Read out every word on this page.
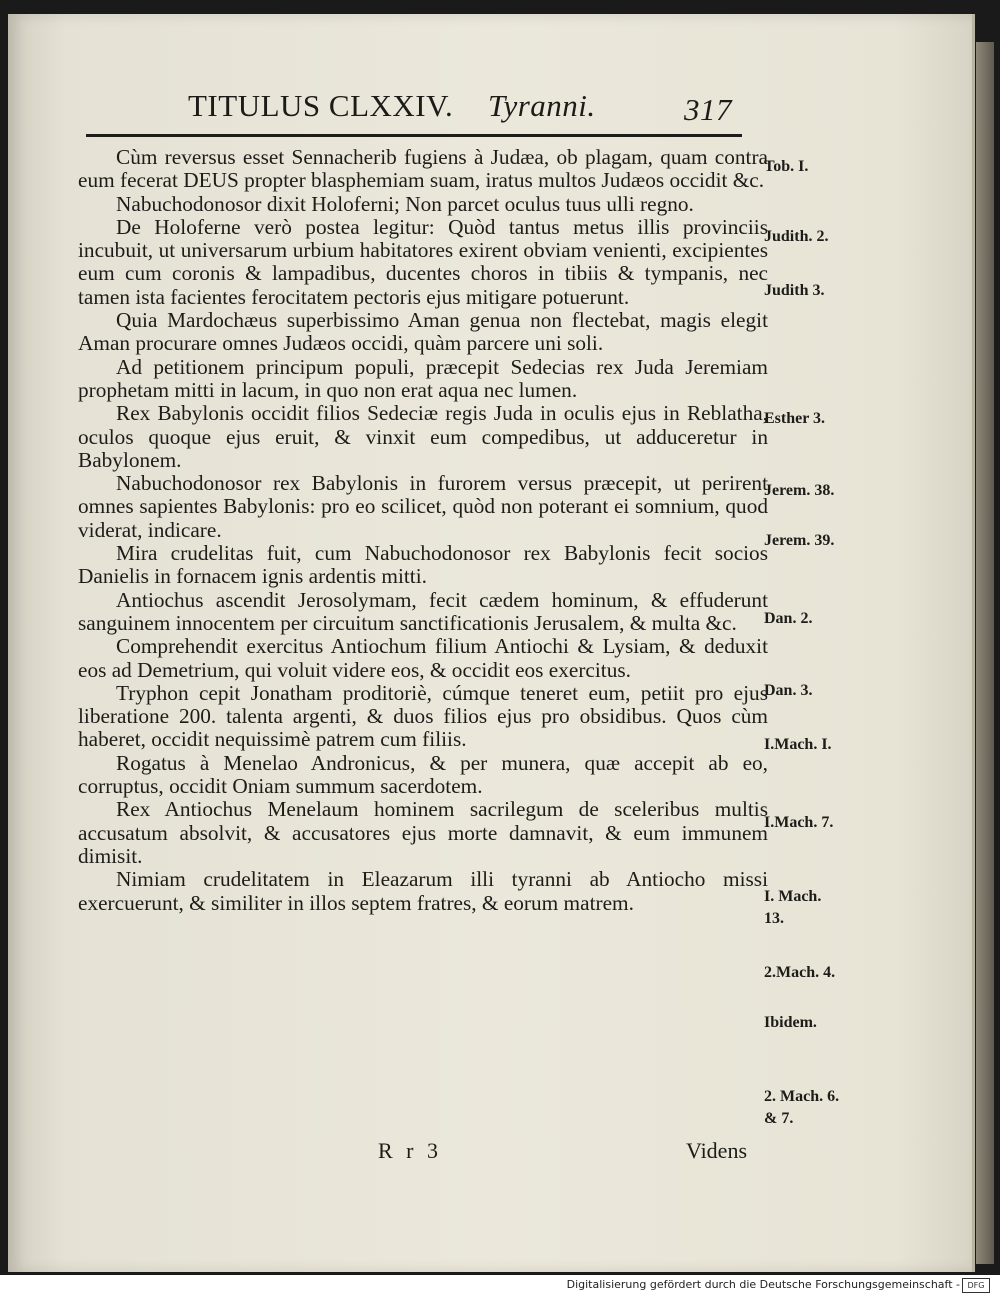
TITULUS CLXXIV. Tyranni.	317

Cùm reversus esset Sennacherib fugiens à Judæa, ob plagam, quam contra eum fecerat DEUS propter blasphemiam suam, iratus multos Judæos occidit &c.

Nabuchodonosor dixit Holoferni; Non parcet oculus tuus ulli regno.

De Holoferne verò postea legitur: Quòd tantus metus illis provinciis incubuit, ut universarum urbium habitatores exirent obviam venienti, excipientes eum cum coronis & lampadibus, ducentes choros in tibiis & tympanis, nec tamen ista facientes ferocitatem pectoris ejus mitigare potuerunt.

Quia Mardochæus superbissimo Aman genua non flectebat, magis elegit Aman procurare omnes Judæos occidi, quàm parcere uni soli.

Ad petitionem principum populi, præcepit Sedecias rex Juda Jeremiam prophetam mitti in lacum, in quo non erat aqua nec lumen.

Rex Babylonis occidit filios Sedeciæ regis Juda in oculis ejus in Reblatha, oculos quoque ejus eruit, & vinxit eum compedibus, ut adduceretur in Babylonem.

Nabuchodonosor rex Babylonis in furorem versus præcepit, ut perirent omnes sapientes Babylonis: pro eo scilicet, quòd non poterant ei somnium, quod viderat, indicare.

Mira crudelitas fuit, cum Nabuchodonosor rex Babylonis fecit socios Danielis in fornacem ignis ardentis mitti.

Antiochus ascendit Jerosolymam, fecit cædem hominum, & effuderunt sanguinem innocentem per circuitum sanctificationis Jerusalem, & multa &c.

Comprehendit exercitus Antiochum filium Antiochi & Lysiam, & deduxit eos ad Demetrium, qui voluit videre eos, & occidit eos exercitus.

Tryphon cepit Jonatham proditoriè, cúmque teneret eum, petiit pro ejus liberatione 200. talenta argenti, & duos filios ejus pro obsidibus. Quos cùm haberet, occidit nequissimè patrem cum filiis.

Rogatus à Menelao Andronicus, & per munera, quæ accepit ab eo, corruptus, occidit Oniam summum sacerdotem.

Rex Antiochus Menelaum hominem sacrilegum de sceleribus multis accusatum absolvit, & accusatores ejus morte damnavit, & eum immunem dimisit.

Nimiam crudelitatem in Eleazarum illi tyranni ab Antiocho missi exercuerunt, & similiter in illos septem fratres, & eorum matrem.

Tob. I.
Judith. 2.
Judith 3.
Esther 3.
Jerem. 38.
Jerem. 39.
Dan. 2.
Dan. 3.
I.Mach. I.
I.Mach. 7.
I. Mach. 13.
2.Mach. 4.
Ibidem.
2. Mach. 6. & 7.
R r 3	Videns
Digitalisierung gefördert durch die Deutsche Forschungsgemeinschaft - DFG
